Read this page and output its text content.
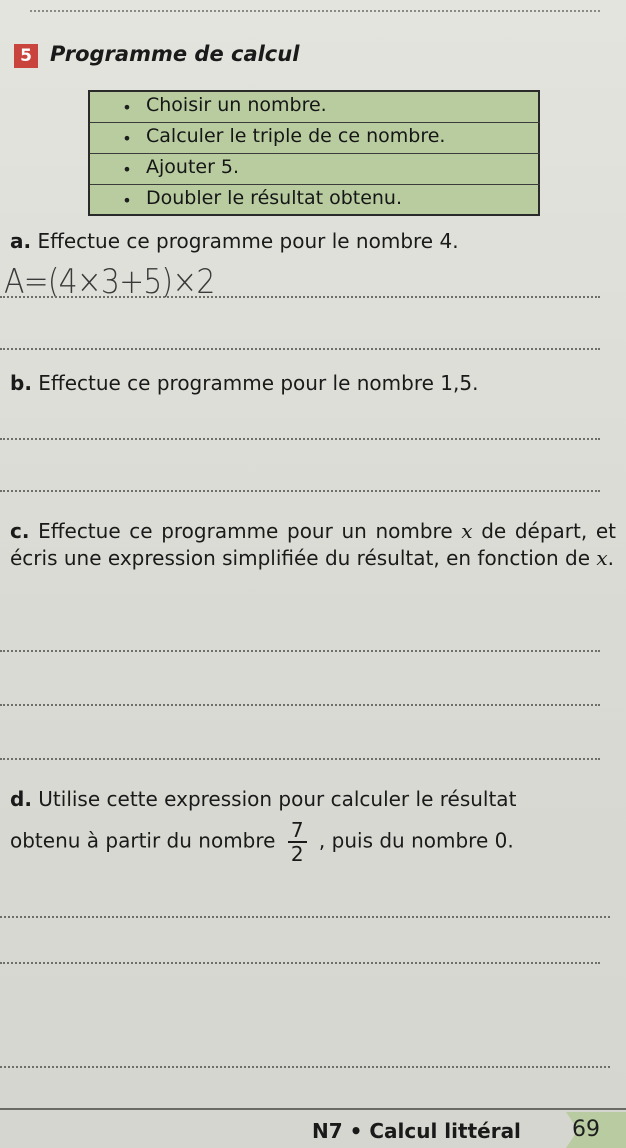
5 Programme de calcul
• Choisir un nombre.
• Calculer le triple de ce nombre.
• Ajouter 5.
• Doubler le résultat obtenu.
a. Effectue ce programme pour le nombre 4.
A=(4×3+5)×2
b. Effectue ce programme pour le nombre 1,5.
c. Effectue ce programme pour un nombre x de départ, et écris une expression simplifiée du résultat, en fonction de x.
d. Utilise cette expression pour calculer le résultat
obtenu à partir du nombre $\frac{7}{2}$ , puis du nombre 0.
N7 • Calcul littéral 69
